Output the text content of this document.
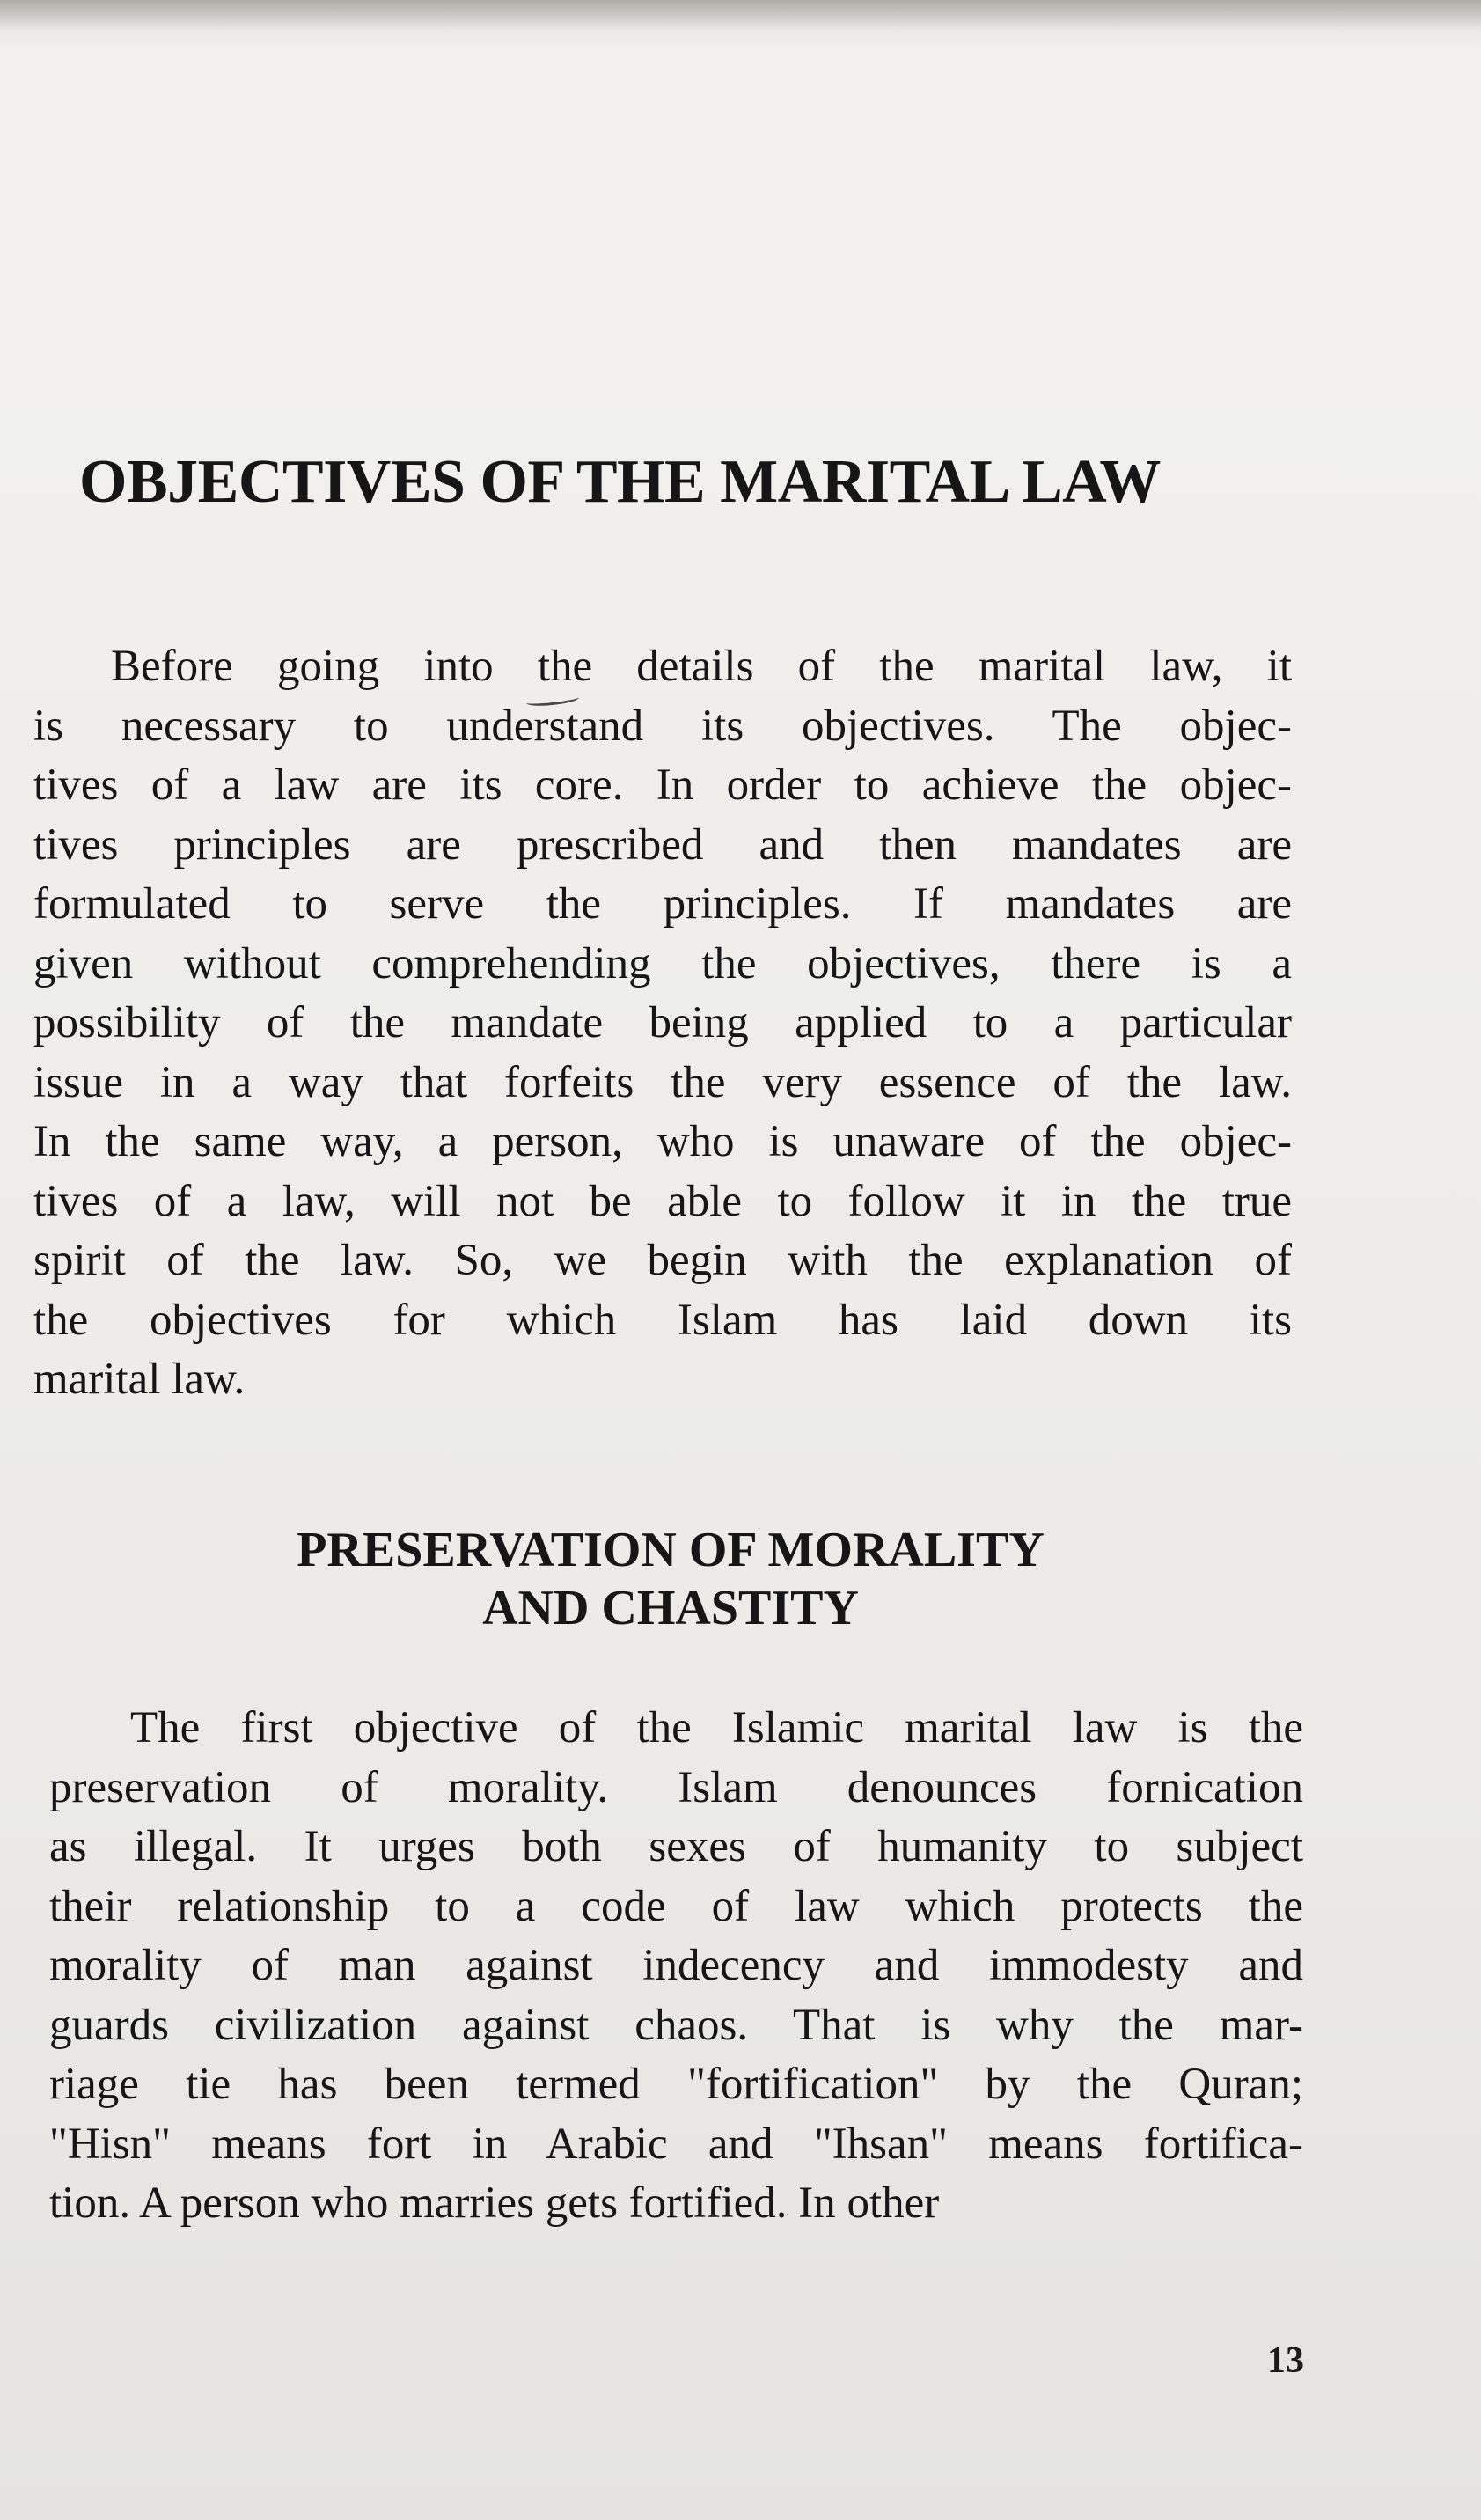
OBJECTIVES OF THE MARITAL LAW
Before going into the details of the marital law, it
is necessary to understand its objectives. The objec-
tives of a law are its core. In order to achieve the objec-
tives principles are prescribed and then mandates are
formulated to serve the principles. If mandates are
given without comprehending the objectives, there is a
possibility of the mandate being applied to a particular
issue in a way that forfeits the very essence of the law.
In the same way, a person, who is unaware of the objec-
tives of a law, will not be able to follow it in the true
spirit of the law. So, we begin with the explanation of
the objectives for which Islam has laid down its
marital law.
PRESERVATION OF MORALITY
AND CHASTITY
The first objective of the Islamic marital law is the
preservation of morality. Islam denounces fornication
as illegal. It urges both sexes of humanity to subject
their relationship to a code of law which protects the
morality of man against indecency and immodesty and
guards civilization against chaos. That is why the mar-
riage tie has been termed "fortification" by the Quran;
"Hisn" means fort in Arabic and "Ihsan" means fortifica-
tion. A person who marries gets fortified. In other
13
